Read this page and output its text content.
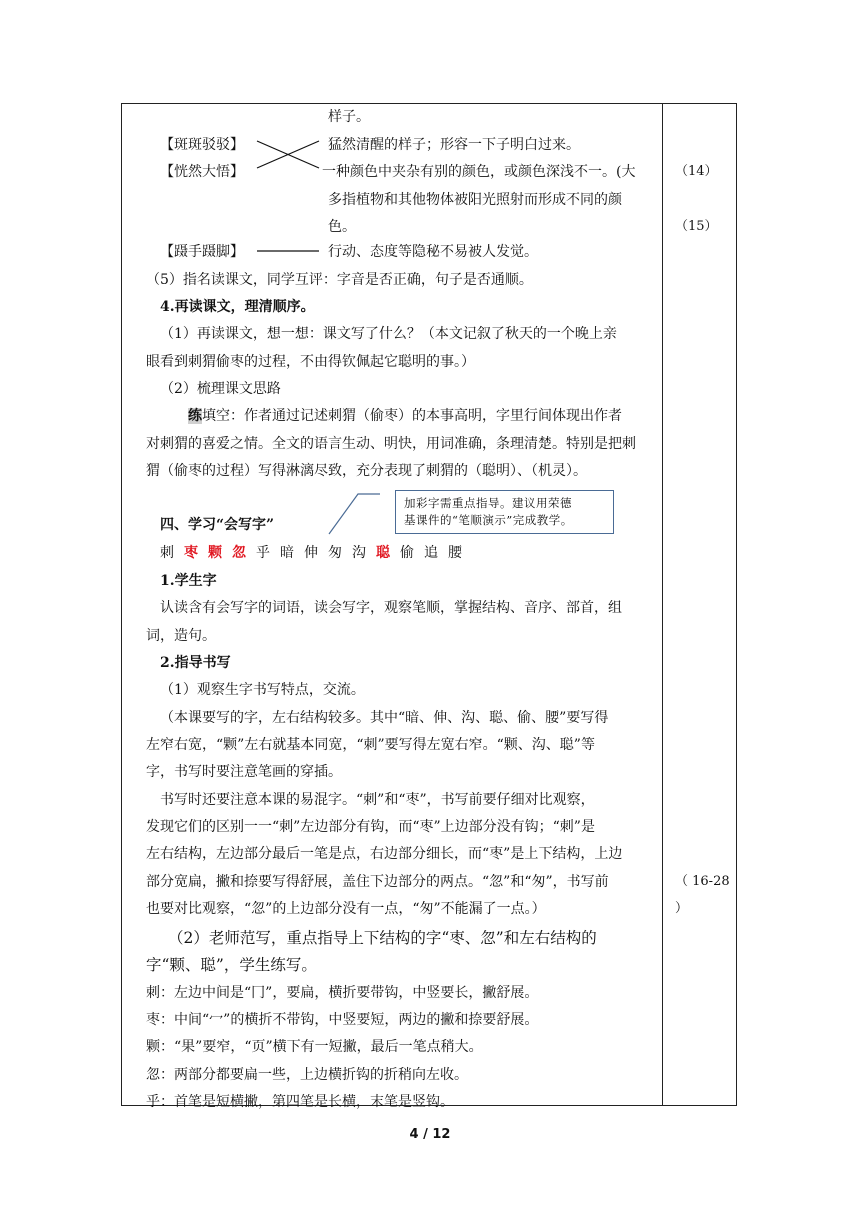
样子。
【斑斑驳驳】	猛然清醒的样子；形容一下子明白过来。
【恍然大悟】	一种颜色中夹杂有别的颜色，或颜色深浅不一。(大
多指植物和其他物体被阳光照射而形成不同的颜
色。
【蹑手蹑脚】	行动、态度等隐秘不易被人发觉。
（5）指名读课文，同学互评：字音是否正确，句子是否通顺。
4.再读课文，理清顺序。
（1）再读课文，想一想：课文写了什么？（本文记叙了秋天的一个晚上亲
眼看到刺猬偷枣的过程，不由得钦佩起它聪明的事。）
（2）梳理课文思路
练填空：作者通过记述刺猬（偷枣）的本事高明，字里行间体现出作者
对刺猬的喜爱之情。全文的语言生动、明快，用词准确，条理清楚。特别是把刺
猬（偷枣的过程）写得淋漓尽致，充分表现了刺猬的（聪明）、（机灵）。
四、学习“会写字”
刺 枣 颗 忽 乎 暗 伸 匆 沟 聪 偷 追 腰
1.学生字
认读含有会写字的词语，读会写字，观察笔顺，掌握结构、音序、部首，组
词，造句。
2.指导书写
（1）观察生字书写特点，交流。
（本课要写的字，左右结构较多。其中“暗、伸、沟、聪、偷、腰”要写得
左窄右宽，“颗”左右就基本同宽，“刺”要写得左宽右窄。“颗、沟、聪”等
字，书写时要注意笔画的穿插。
书写时还要注意本课的易混字。“刺”和“枣”，书写前要仔细对比观察，
发现它们的区别一一“刺”左边部分有钩，而“枣”上边部分没有钩；“刺”是
左右结构，左边部分最后一笔是点，右边部分细长，而“枣”是上下结构，上边
部分宽扁，撇和捺要写得舒展，盖住下边部分的两点。“忽”和“匆”，书写前
也要对比观察，“忽”的上边部分没有一点，“匆”不能漏了一点。）
（2）老师范写，重点指导上下结构的字“枣、忽”和左右结构的
字“颗、聪”，学生练写。
刺：左边中间是“冂”，要扁，横折要带钩，中竖要长，撇舒展。
枣：中间“冖”的横折不带钩，中竖要短，两边的撇和捺要舒展。
颗：“果”要窄，“页”横下有一短撇，最后一笔点稍大。
忽：两部分都要扁一些，上边横折钩的折稍向左收。
乎：首笔是短横撇，第四笔是长横，末笔是竖钩。
加彩字需重点指导。建议用荣德
基课件的“笔顺演示”完成教学。
（14）
（15）
（ 16-28
）
4 / 12
